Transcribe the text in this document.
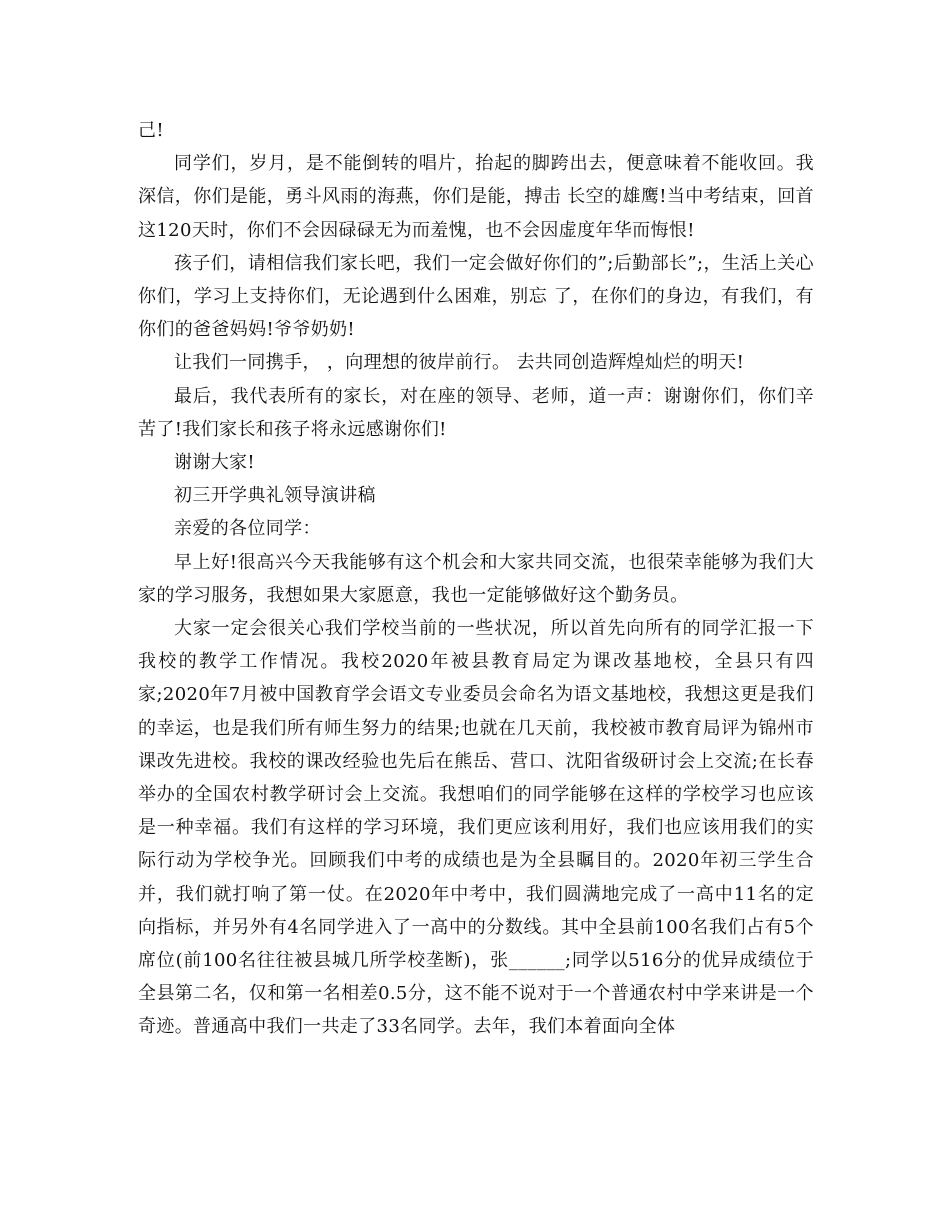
己!

同学们，岁月，是不能倒转的唱片，抬起的脚跨出去，便意味着不能收回。我深信，你们是能，勇斗风雨的海燕，你们是能，搏击 长空的雄鹰!当中考结束，回首这120天时，你们不会因碌碌无为而羞愧，也不会因虚度年华而悔恨!

孩子们，请相信我们家长吧，我们一定会做好你们的”;后勤部长”;，生活上关心你们，学习上支持你们，无论遇到什么困难，别忘 了，在你们的身边，有我们，有你们的爸爸妈妈!爷爷奶奶!

让我们一同携手， ，向理想的彼岸前行。 去共同创造辉煌灿烂的明天!

最后，我代表所有的家长，对在座的领导、老师，道一声：谢谢你们，你们辛苦了!我们家长和孩子将永远感谢你们!

谢谢大家!

初三开学典礼领导演讲稿

亲爱的各位同学：

早上好!很高兴今天我能够有这个机会和大家共同交流，也很荣幸能够为我们大家的学习服务，我想如果大家愿意，我也一定能够做好这个勤务员。

大家一定会很关心我们学校当前的一些状况，所以首先向所有的同学汇报一下我校的教学工作情况。我校2020年被县教育局定为课改基地校，全县只有四家;2020年7月被中国教育学会语文专业委员会命名为语文基地校，我想这更是我们的幸运，也是我们所有师生努力的结果;也就在几天前，我校被市教育局评为锦州市课改先进校。我校的课改经验也先后在熊岳、营口、沈阳省级研讨会上交流;在长春举办的全国农村教学研讨会上交流。我想咱们的同学能够在这样的学校学习也应该是一种幸福。我们有这样的学习环境，我们更应该利用好，我们也应该用我们的实际行动为学校争光。回顾我们中考的成绩也是为全县瞩目的。2020年初三学生合并，我们就打响了第一仗。在2020年中考中，我们圆满地完成了一高中11名的定向指标，并另外有4名同学进入了一高中的分数线。其中全县前100名我们占有5个席位(前100名往往被县城几所学校垄断)，张______;同学以516分的优异成绩位于全县第二名，仅和第一名相差0.5分，这不能不说对于一个普通农村中学来讲是一个奇迹。普通高中我们一共走了33名同学。去年，我们本着面向全体
